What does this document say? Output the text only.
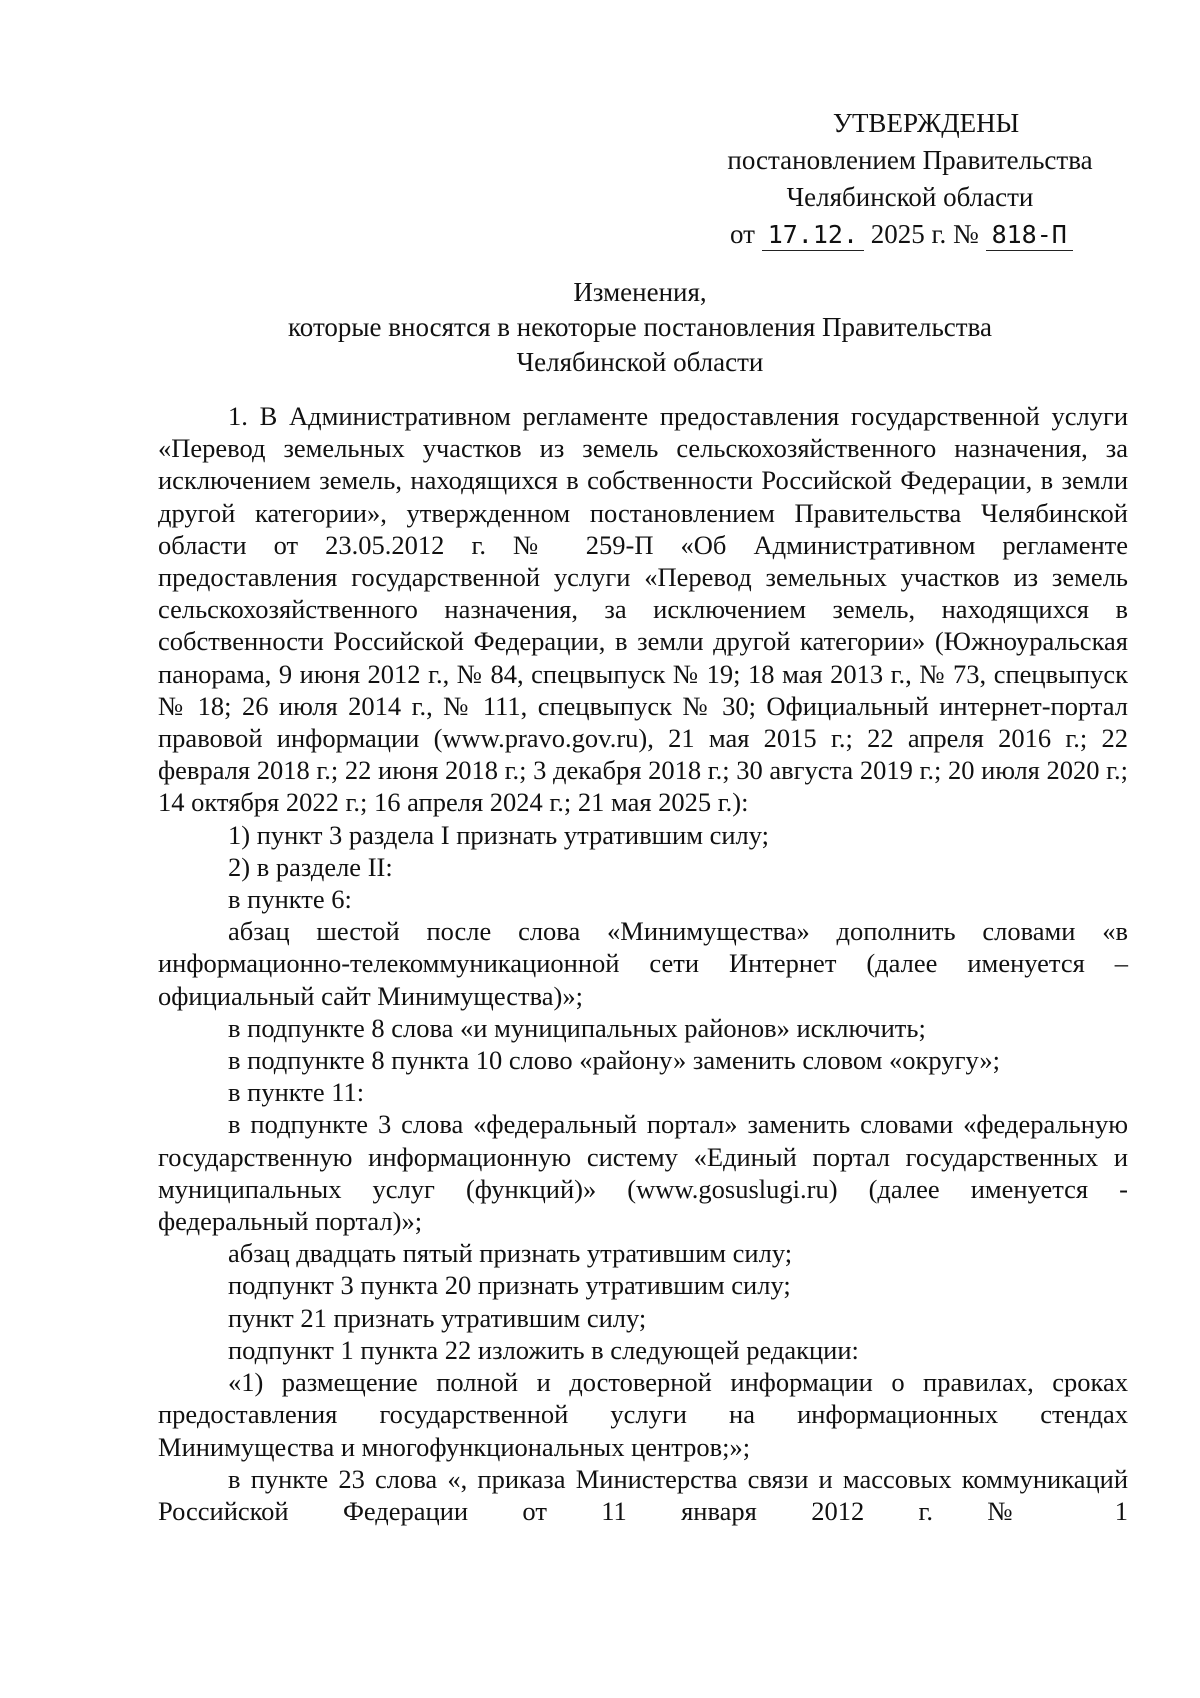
УТВЕРЖДЕНЫ
постановлением Правительства
Челябинской области
от 17.12. 2025 г. № 818-П
Изменения,
которые вносятся в некоторые постановления Правительства
Челябинской области

1. В Административном регламенте предоставления государственной услуги «Перевод земельных участков из земель сельскохозяйственного назначения, за исключением земель, находящихся в собственности Российской Федерации, в земли другой категории», утвержденном постановлением Правительства Челябинской области от 23.05.2012 г. № 259-П «Об Административном регламенте предоставления государственной услуги «Перевод земельных участков из земель сельскохозяйственного назначения, за исключением земель, находящихся в собственности Российской Федерации, в земли другой категории» (Южноуральская панорама, 9 июня 2012 г., № 84, спецвыпуск № 19; 18 мая 2013 г., № 73, спецвыпуск № 18; 26 июля 2014 г., № 111, спецвыпуск № 30; Официальный интернет-портал правовой информации (www.pravo.gov.ru), 21 мая 2015 г.; 22 апреля 2016 г.; 22 февраля 2018 г.; 22 июня 2018 г.; 3 декабря 2018 г.; 30 августа 2019 г.; 20 июля 2020 г.; 14 октября 2022 г.; 16 апреля 2024 г.; 21 мая 2025 г.):

1) пункт 3 раздела I признать утратившим силу;

2) в разделе II:

в пункте 6:

абзац шестой после слова «Минимущества» дополнить словами «в информационно-телекоммуникационной сети Интернет (далее именуется – официальный сайт Минимущества)»;

в подпункте 8 слова «и муниципальных районов» исключить;

в подпункте 8 пункта 10 слово «району» заменить словом «округу»;

в пункте 11:

в подпункте 3 слова «федеральный портал» заменить словами «федеральную государственную информационную систему «Единый портал государственных и муниципальных услуг (функций)» (www.gosuslugi.ru) (далее именуется - федеральный портал)»;

абзац двадцать пятый признать утратившим силу;

подпункт 3 пункта 20 признать утратившим силу;

пункт 21 признать утратившим силу;

подпункт 1 пункта 22 изложить в следующей редакции:

«1) размещение полной и достоверной информации о правилах, сроках предоставления государственной услуги на информационных стендах Минимущества и многофункциональных центров;»;

в пункте 23 слова «, приказа Министерства связи и массовых коммуникаций Российской Федерации от 11 января 2012 г. № 1
